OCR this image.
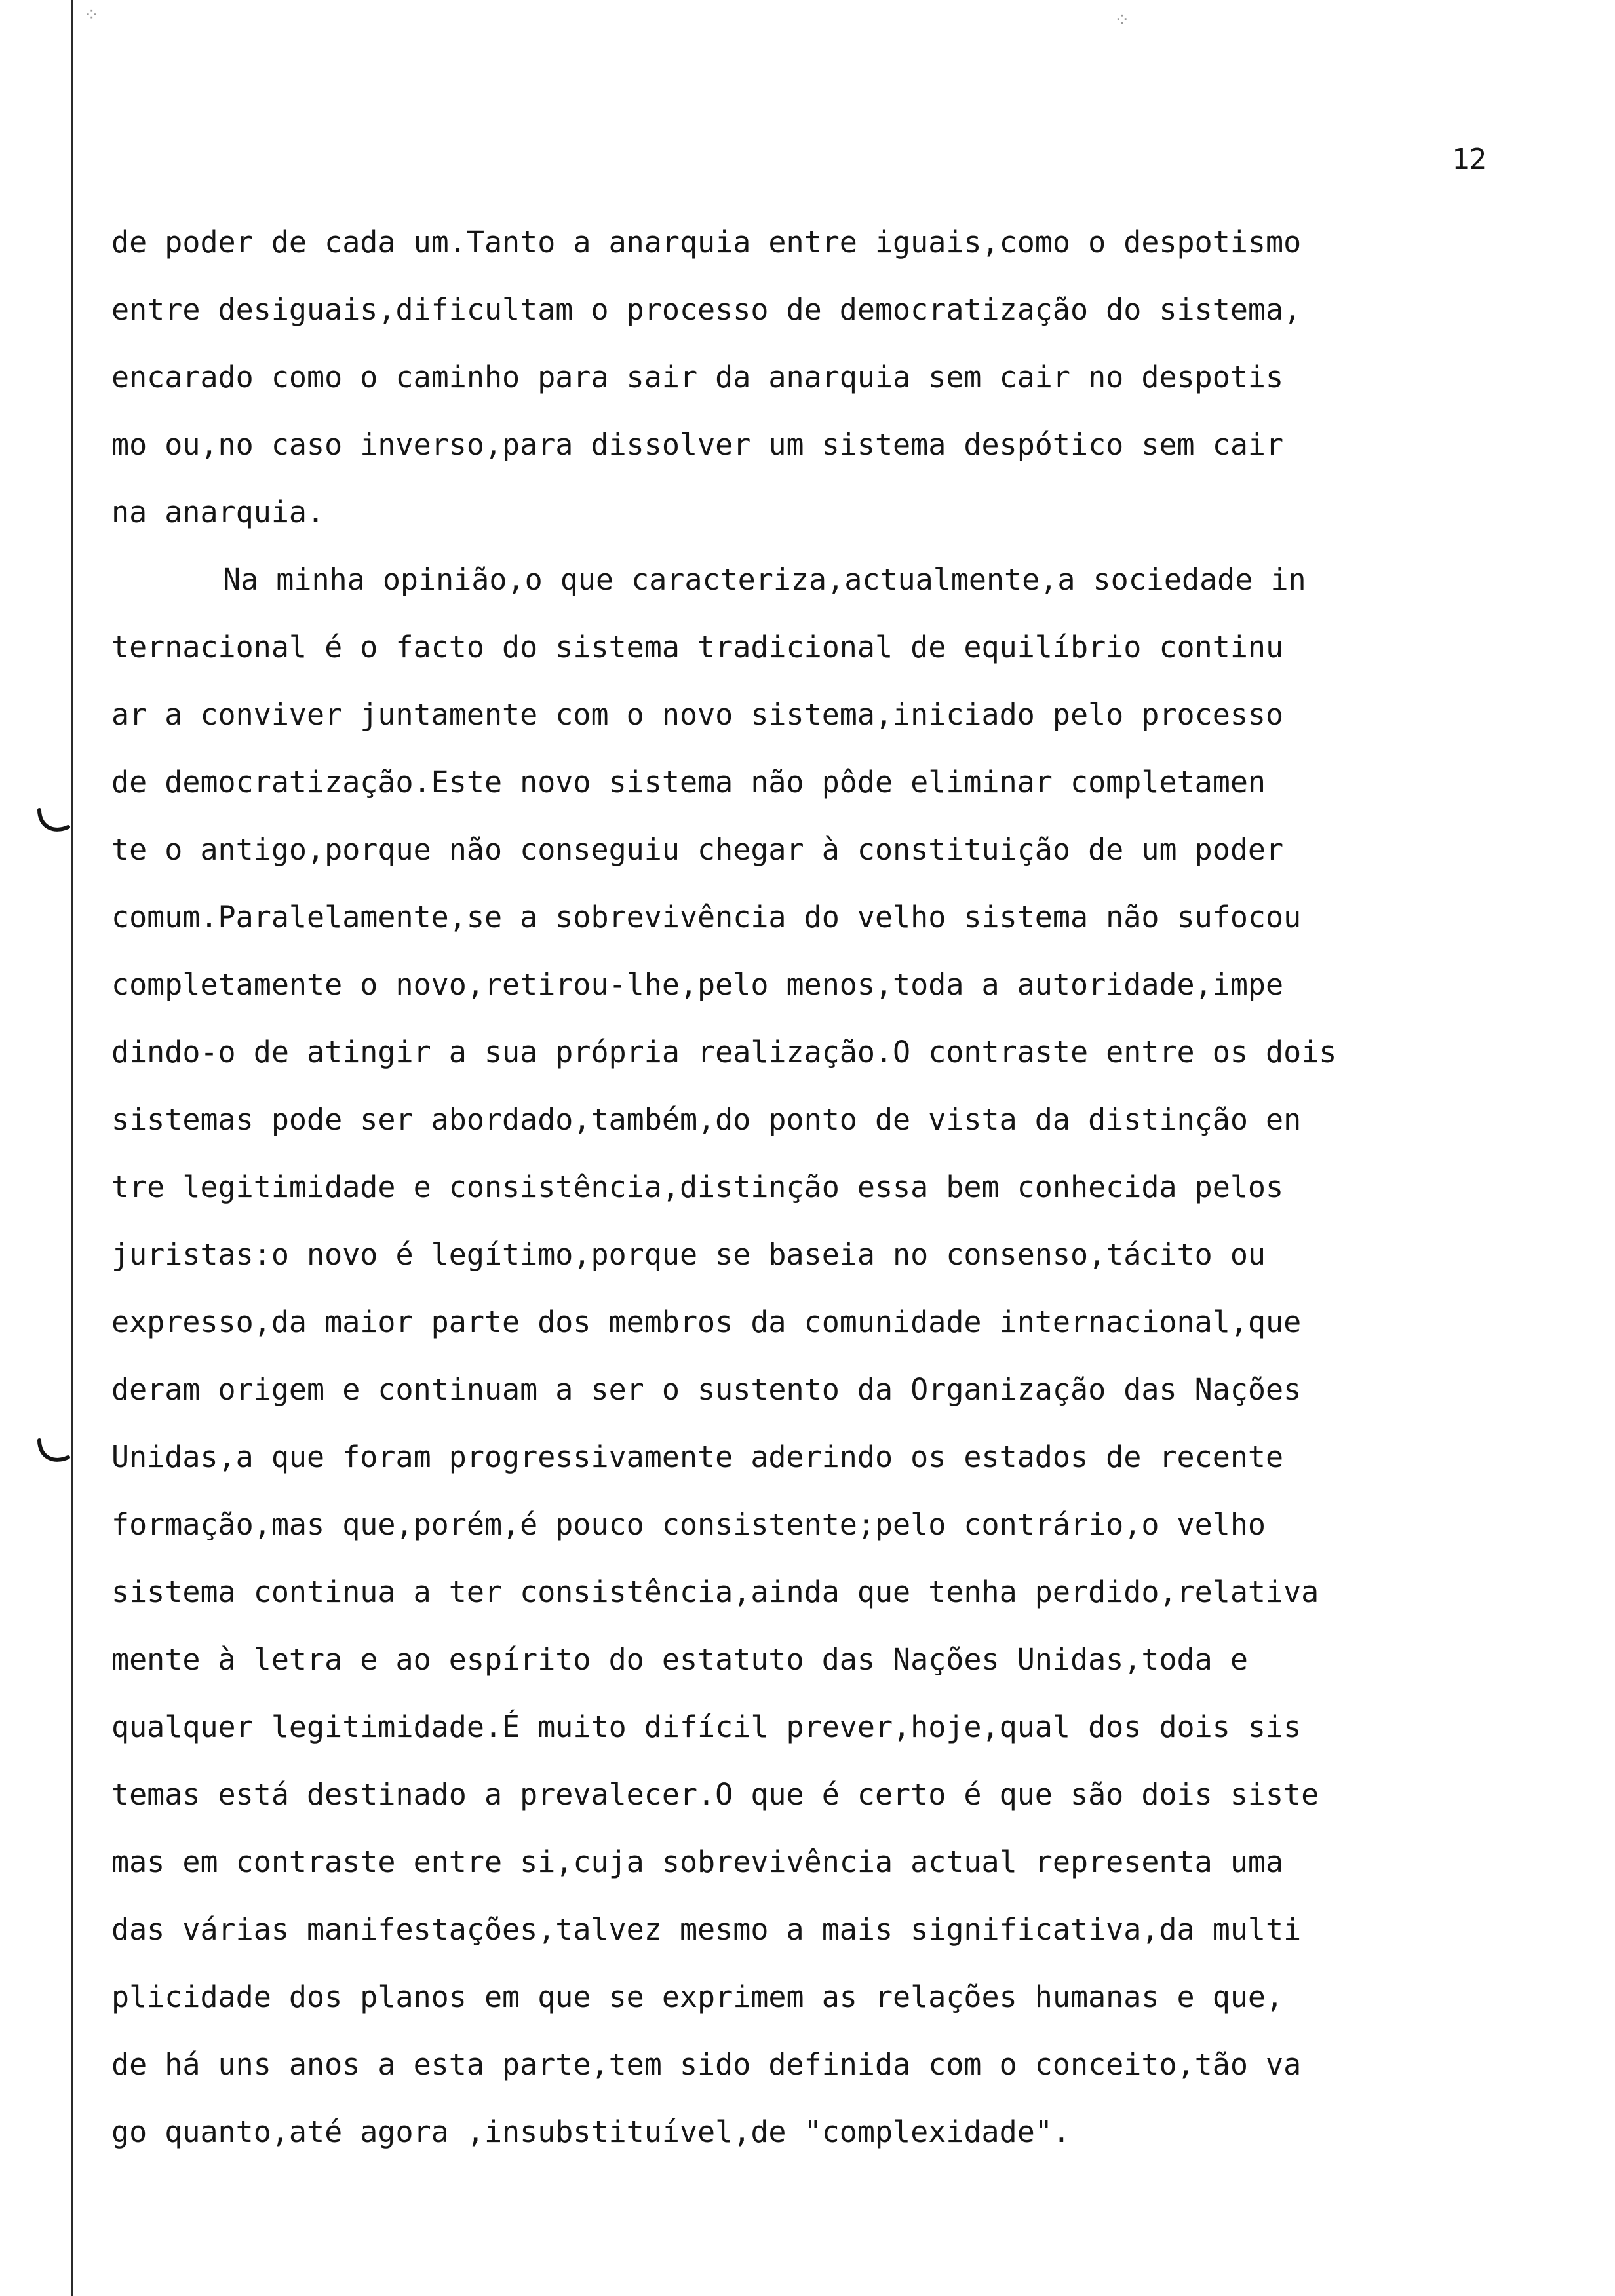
⁘	⁘
12
de poder de cada um.Tanto a anarquia entre iguais,como o despotismo
entre desiguais,dificultam o processo de democratização do sistema,
encarado como o caminho para sair da anarquia sem cair no despotis
mo ou,no caso inverso,para dissolver um sistema despótico sem cair
na anarquia.
Na minha opinião,o que caracteriza,actualmente,a sociedade in
ternacional é o facto do sistema tradicional de equilíbrio continu
ar a conviver juntamente com o novo sistema,iniciado pelo processo
de democratização.Este novo sistema não pôde eliminar completamen
te o antigo,porque não conseguiu chegar à constituição de um poder
comum.Paralelamente,se a sobrevivência do velho sistema não sufocou
completamente o novo,retirou-lhe,pelo menos,toda a autoridade,impe
dindo-o de atingir a sua própria realização.O contraste entre os dois
sistemas pode ser abordado,também,do ponto de vista da distinção en
tre legitimidade e consistência,distinção essa bem conhecida pelos
juristas:o novo é legítimo,porque se baseia no consenso,tácito ou
expresso,da maior parte dos membros da comunidade internacional,que
deram origem e continuam a ser o sustento da Organização das Nações
Unidas,a que foram progressivamente aderindo os estados de recente
formação,mas que,porém,é pouco consistente;pelo contrário,o velho
sistema continua a ter consistência,ainda que tenha perdido,relativa
mente à letra e ao espírito do estatuto das Nações Unidas,toda e
qualquer legitimidade.É muito difícil prever,hoje,qual dos dois sis
temas está destinado a prevalecer.O que é certo é que são dois siste
mas em contraste entre si,cuja sobrevivência actual representa uma
das várias manifestações,talvez mesmo a mais significativa,da multi
plicidade dos planos em que se exprimem as relações humanas e que,
de há uns anos a esta parte,tem sido definida com o conceito,tão va
go quanto,até agora ,insubstituível,de "complexidade".
